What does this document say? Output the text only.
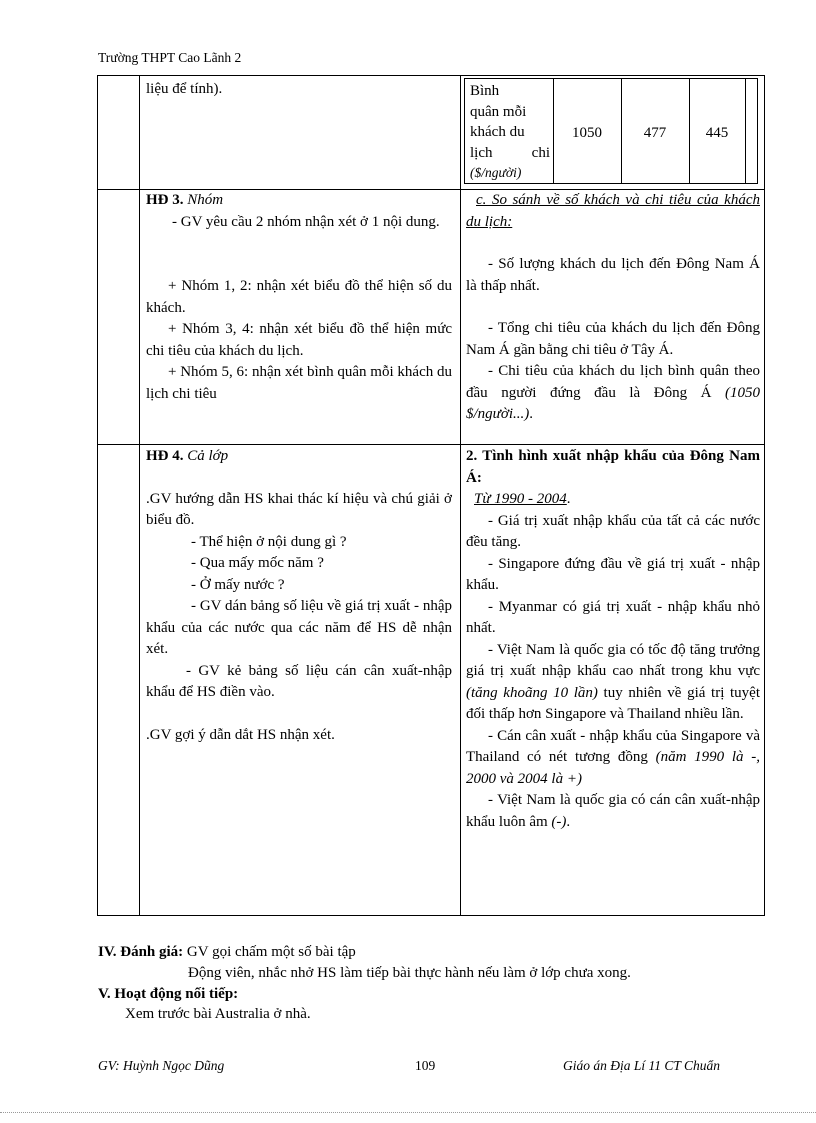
Trường THPT Cao Lãnh 2
liệu để tính).	Bình
quân mỗi
khách du
lịch chi
($/người)
1050	477	445
HĐ 3. Nhóm
- GV yêu cầu 2 nhóm nhận xét ở 1 nội dung.
+ Nhóm 1, 2: nhận xét biểu đồ thể hiện số du khách.
+ Nhóm 3, 4: nhận xét biểu đồ thể hiện mức chi tiêu của khách du lịch.
+ Nhóm 5, 6: nhận xét bình quân mỗi khách du lịch chi tiêu
c. So sánh về số khách và chi tiêu của khách du lịch:
- Số lượng khách du lịch đến Đông Nam Á là thấp nhất.
- Tổng chi tiêu của khách du lịch đến Đông Nam Á gần bằng chi tiêu ở Tây Á.
- Chi tiêu của khách du lịch bình quân theo đầu người đứng đầu là Đông Á (1050 $/người...).
HĐ 4. Cả lớp
.GV hướng dẫn HS khai thác kí hiệu và chú giải ở biểu đồ.
- Thể hiện ở nội dung gì ?
- Qua mấy mốc năm ?
- Ở mấy nước ?
- GV dán bảng số liệu về giá trị xuất - nhập khẩu của các nước qua các năm để HS dễ nhận xét.
- GV kẻ bảng số liệu cán cân xuất-nhập khẩu để HS điền vào.
.GV gợi ý dẫn dắt HS nhận xét.
2. Tình hình xuất nhập khẩu của Đông Nam Á:
Từ 1990 - 2004.
- Giá trị xuất nhập khẩu của tất cả các nước đều tăng.
- Singapore đứng đầu về giá trị xuất - nhập khẩu.
- Myanmar có giá trị xuất - nhập khẩu nhỏ nhất.
- Việt Nam là quốc gia có tốc độ tăng trưởng giá trị xuất nhập khẩu cao nhất trong khu vực (tăng khoãng 10 lần) tuy nhiên về giá trị tuyệt đối thấp hơn Singapore và Thailand nhiều lần.
- Cán cân xuất - nhập khẩu của Singapore và Thailand có nét tương đồng (năm 1990 là -, 2000 và 2004 là +)
- Việt Nam là quốc gia có cán cân xuất-nhập khẩu luôn âm (-).
IV. Đánh giá: GV gọi chấm một số bài tập
Động viên, nhắc nhở HS làm tiếp bài thực hành nếu làm ở lớp chưa xong.
V. Hoạt động nối tiếp:
Xem trước bài Australia ở nhà.
GV: Huỳnh Ngọc Dũng	109	Giáo án Địa Lí 11 CT Chuẩn
